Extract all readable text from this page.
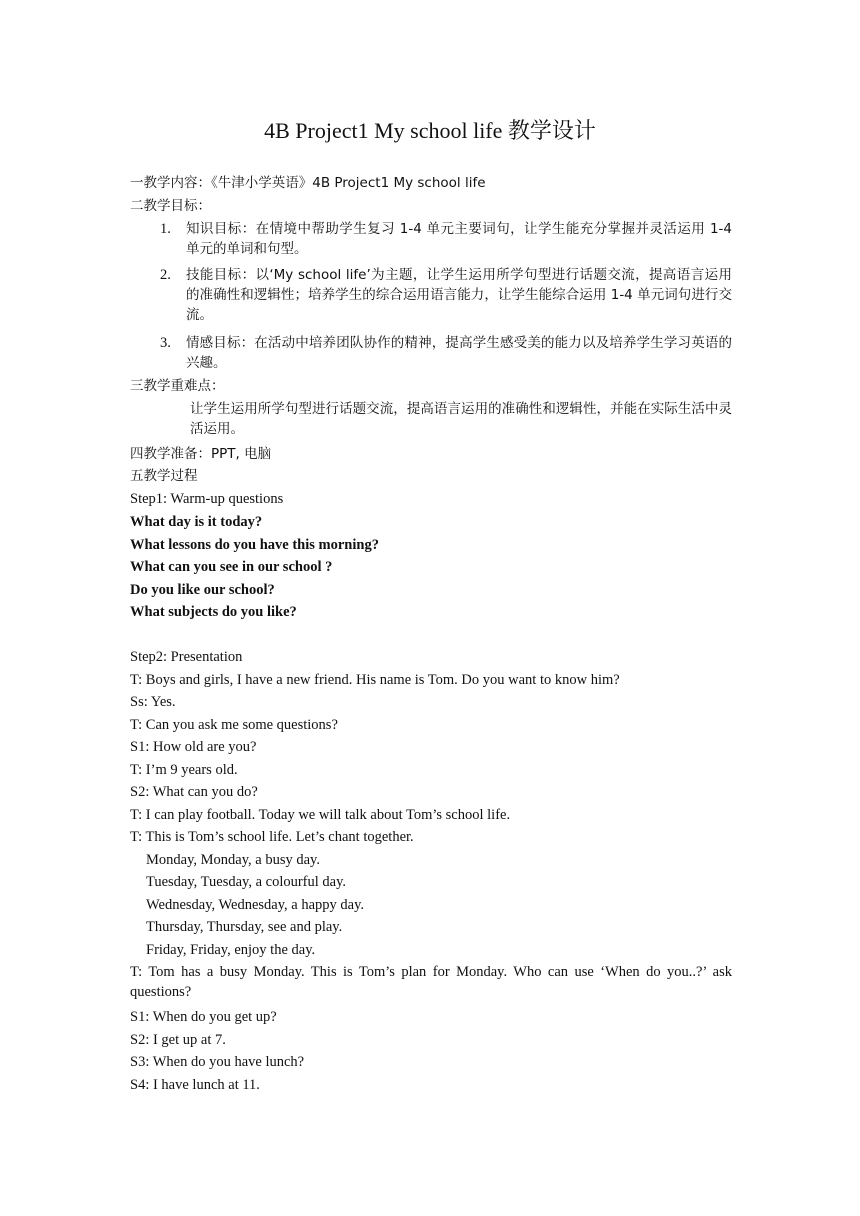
4B Project1 My school life 教学设计
一教学内容：《牛津小学英语》4B Project1 My school life
二教学目标：
1. 知识目标：在情境中帮助学生复习 1-4 单元主要词句，让学生能充分掌握并灵活运用 1-4 单元的单词和句型。
2. 技能目标：以‘My school life’为主题，让学生运用所学句型进行话题交流，提高语言运用的准确性和逻辑性；培养学生的综合运用语言能力，让学生能综合运用 1-4 单元词句进行交流。
3. 情感目标：在活动中培养团队协作的精神，提高学生感受美的能力以及培养学生学习英语的兴趣。
三教学重难点：
让学生运用所学句型进行话题交流，提高语言运用的准确性和逻辑性，并能在实际生活中灵活运用。
四教学准备：PPT, 电脑
五教学过程
Step1: Warm-up questions
What day is it today?
What lessons do you have this morning?
What can you see in our school ?
Do you like our school?
What subjects do you like?
Step2: Presentation
T: Boys and girls, I have a new friend. His name is Tom. Do you want to know him?
Ss: Yes.
T: Can you ask me some questions?
S1: How old are you?
T: I’m 9 years old.
S2: What can you do?
T: I can play football. Today we will talk about Tom’s school life.
T: This is Tom’s school life. Let’s chant together.
Monday, Monday, a busy day.
Tuesday, Tuesday, a colourful day.
Wednesday, Wednesday, a happy day.
Thursday, Thursday, see and play.
Friday, Friday, enjoy the day.
T: Tom has a busy Monday. This is Tom’s plan for Monday. Who can use ‘When do you..?’ ask questions?
S1: When do you get up?
S2: I get up at 7.
S3: When do you have lunch?
S4: I have lunch at 11.
